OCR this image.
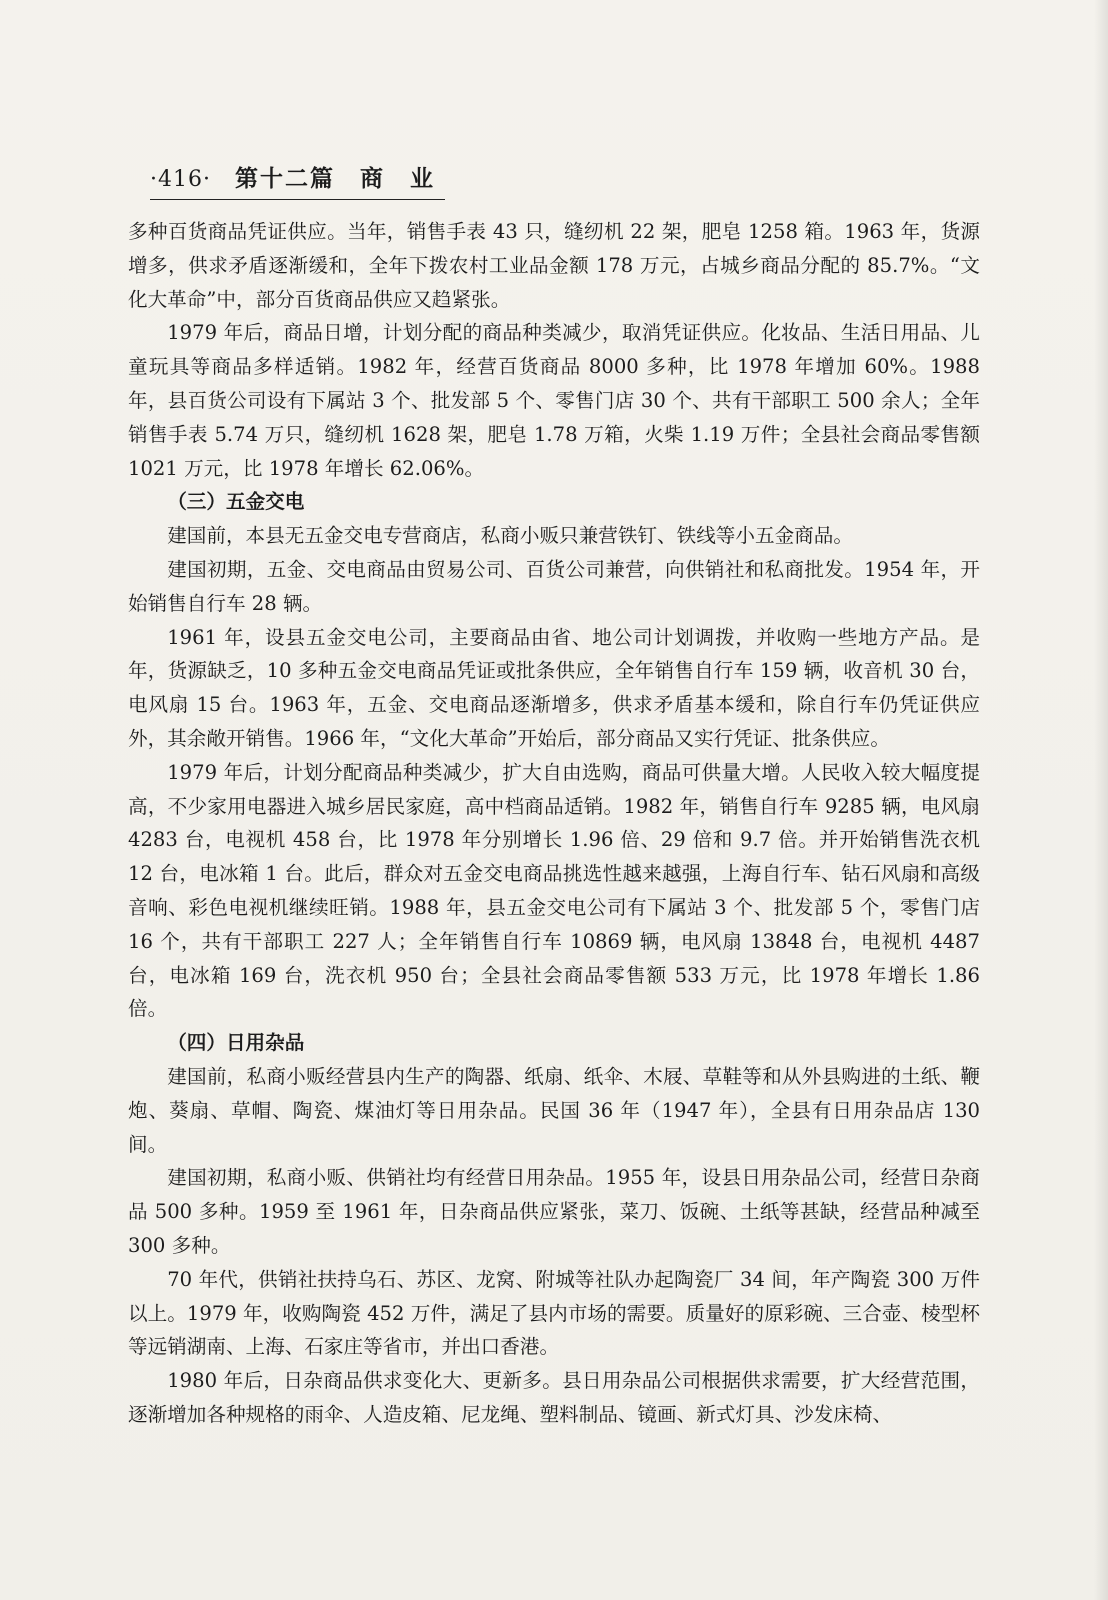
·416· 第十二篇　商　业

多种百货商品凭证供应。当年，销售手表 43 只，缝纫机 22 架，肥皂 1258 箱。1963 年，货源增多，供求矛盾逐渐缓和，全年下拨农村工业品金额 178 万元，占城乡商品分配的 85.7%。“文化大革命”中，部分百货商品供应又趋紧张。

1979 年后，商品日增，计划分配的商品种类减少，取消凭证供应。化妆品、生活日用品、儿童玩具等商品多样适销。1982 年，经营百货商品 8000 多种，比 1978 年增加 60%。1988 年，县百货公司设有下属站 3 个、批发部 5 个、零售门店 30 个、共有干部职工 500 余人；全年销售手表 5.74 万只，缝纫机 1628 架，肥皂 1.78 万箱，火柴 1.19 万件；全县社会商品零售额 1021 万元，比 1978 年增长 62.06%。

（三）五金交电

建国前，本县无五金交电专营商店，私商小贩只兼营铁钉、铁线等小五金商品。

建国初期，五金、交电商品由贸易公司、百货公司兼营，向供销社和私商批发。1954 年，开始销售自行车 28 辆。

1961 年，设县五金交电公司，主要商品由省、地公司计划调拨，并收购一些地方产品。是年，货源缺乏，10 多种五金交电商品凭证或批条供应，全年销售自行车 159 辆，收音机 30 台，电风扇 15 台。1963 年，五金、交电商品逐渐增多，供求矛盾基本缓和，除自行车仍凭证供应外，其余敞开销售。1966 年，“文化大革命”开始后，部分商品又实行凭证、批条供应。

1979 年后，计划分配商品种类减少，扩大自由选购，商品可供量大增。人民收入较大幅度提高，不少家用电器进入城乡居民家庭，高中档商品适销。1982 年，销售自行车 9285 辆，电风扇 4283 台，电视机 458 台，比 1978 年分别增长 1.96 倍、29 倍和 9.7 倍。并开始销售洗衣机 12 台，电冰箱 1 台。此后，群众对五金交电商品挑选性越来越强，上海自行车、钻石风扇和高级音响、彩色电视机继续旺销。1988 年，县五金交电公司有下属站 3 个、批发部 5 个，零售门店 16 个，共有干部职工 227 人；全年销售自行车 10869 辆，电风扇 13848 台，电视机 4487 台，电冰箱 169 台，洗衣机 950 台；全县社会商品零售额 533 万元，比 1978 年增长 1.86 倍。

（四）日用杂品

建国前，私商小贩经营县内生产的陶器、纸扇、纸伞、木屐、草鞋等和从外县购进的土纸、鞭炮、葵扇、草帽、陶瓷、煤油灯等日用杂品。民国 36 年（1947 年），全县有日用杂品店 130 间。

建国初期，私商小贩、供销社均有经营日用杂品。1955 年，设县日用杂品公司，经营日杂商品 500 多种。1959 至 1961 年，日杂商品供应紧张，菜刀、饭碗、土纸等甚缺，经营品种减至 300 多种。

70 年代，供销社扶持乌石、苏区、龙窝、附城等社队办起陶瓷厂 34 间，年产陶瓷 300 万件以上。1979 年，收购陶瓷 452 万件，满足了县内市场的需要。质量好的原彩碗、三合壶、棱型杯等远销湖南、上海、石家庄等省市，并出口香港。

1980 年后，日杂商品供求变化大、更新多。县日用杂品公司根据供求需要，扩大经营范围，逐渐增加各种规格的雨伞、人造皮箱、尼龙绳、塑料制品、镜画、新式灯具、沙发床椅、
